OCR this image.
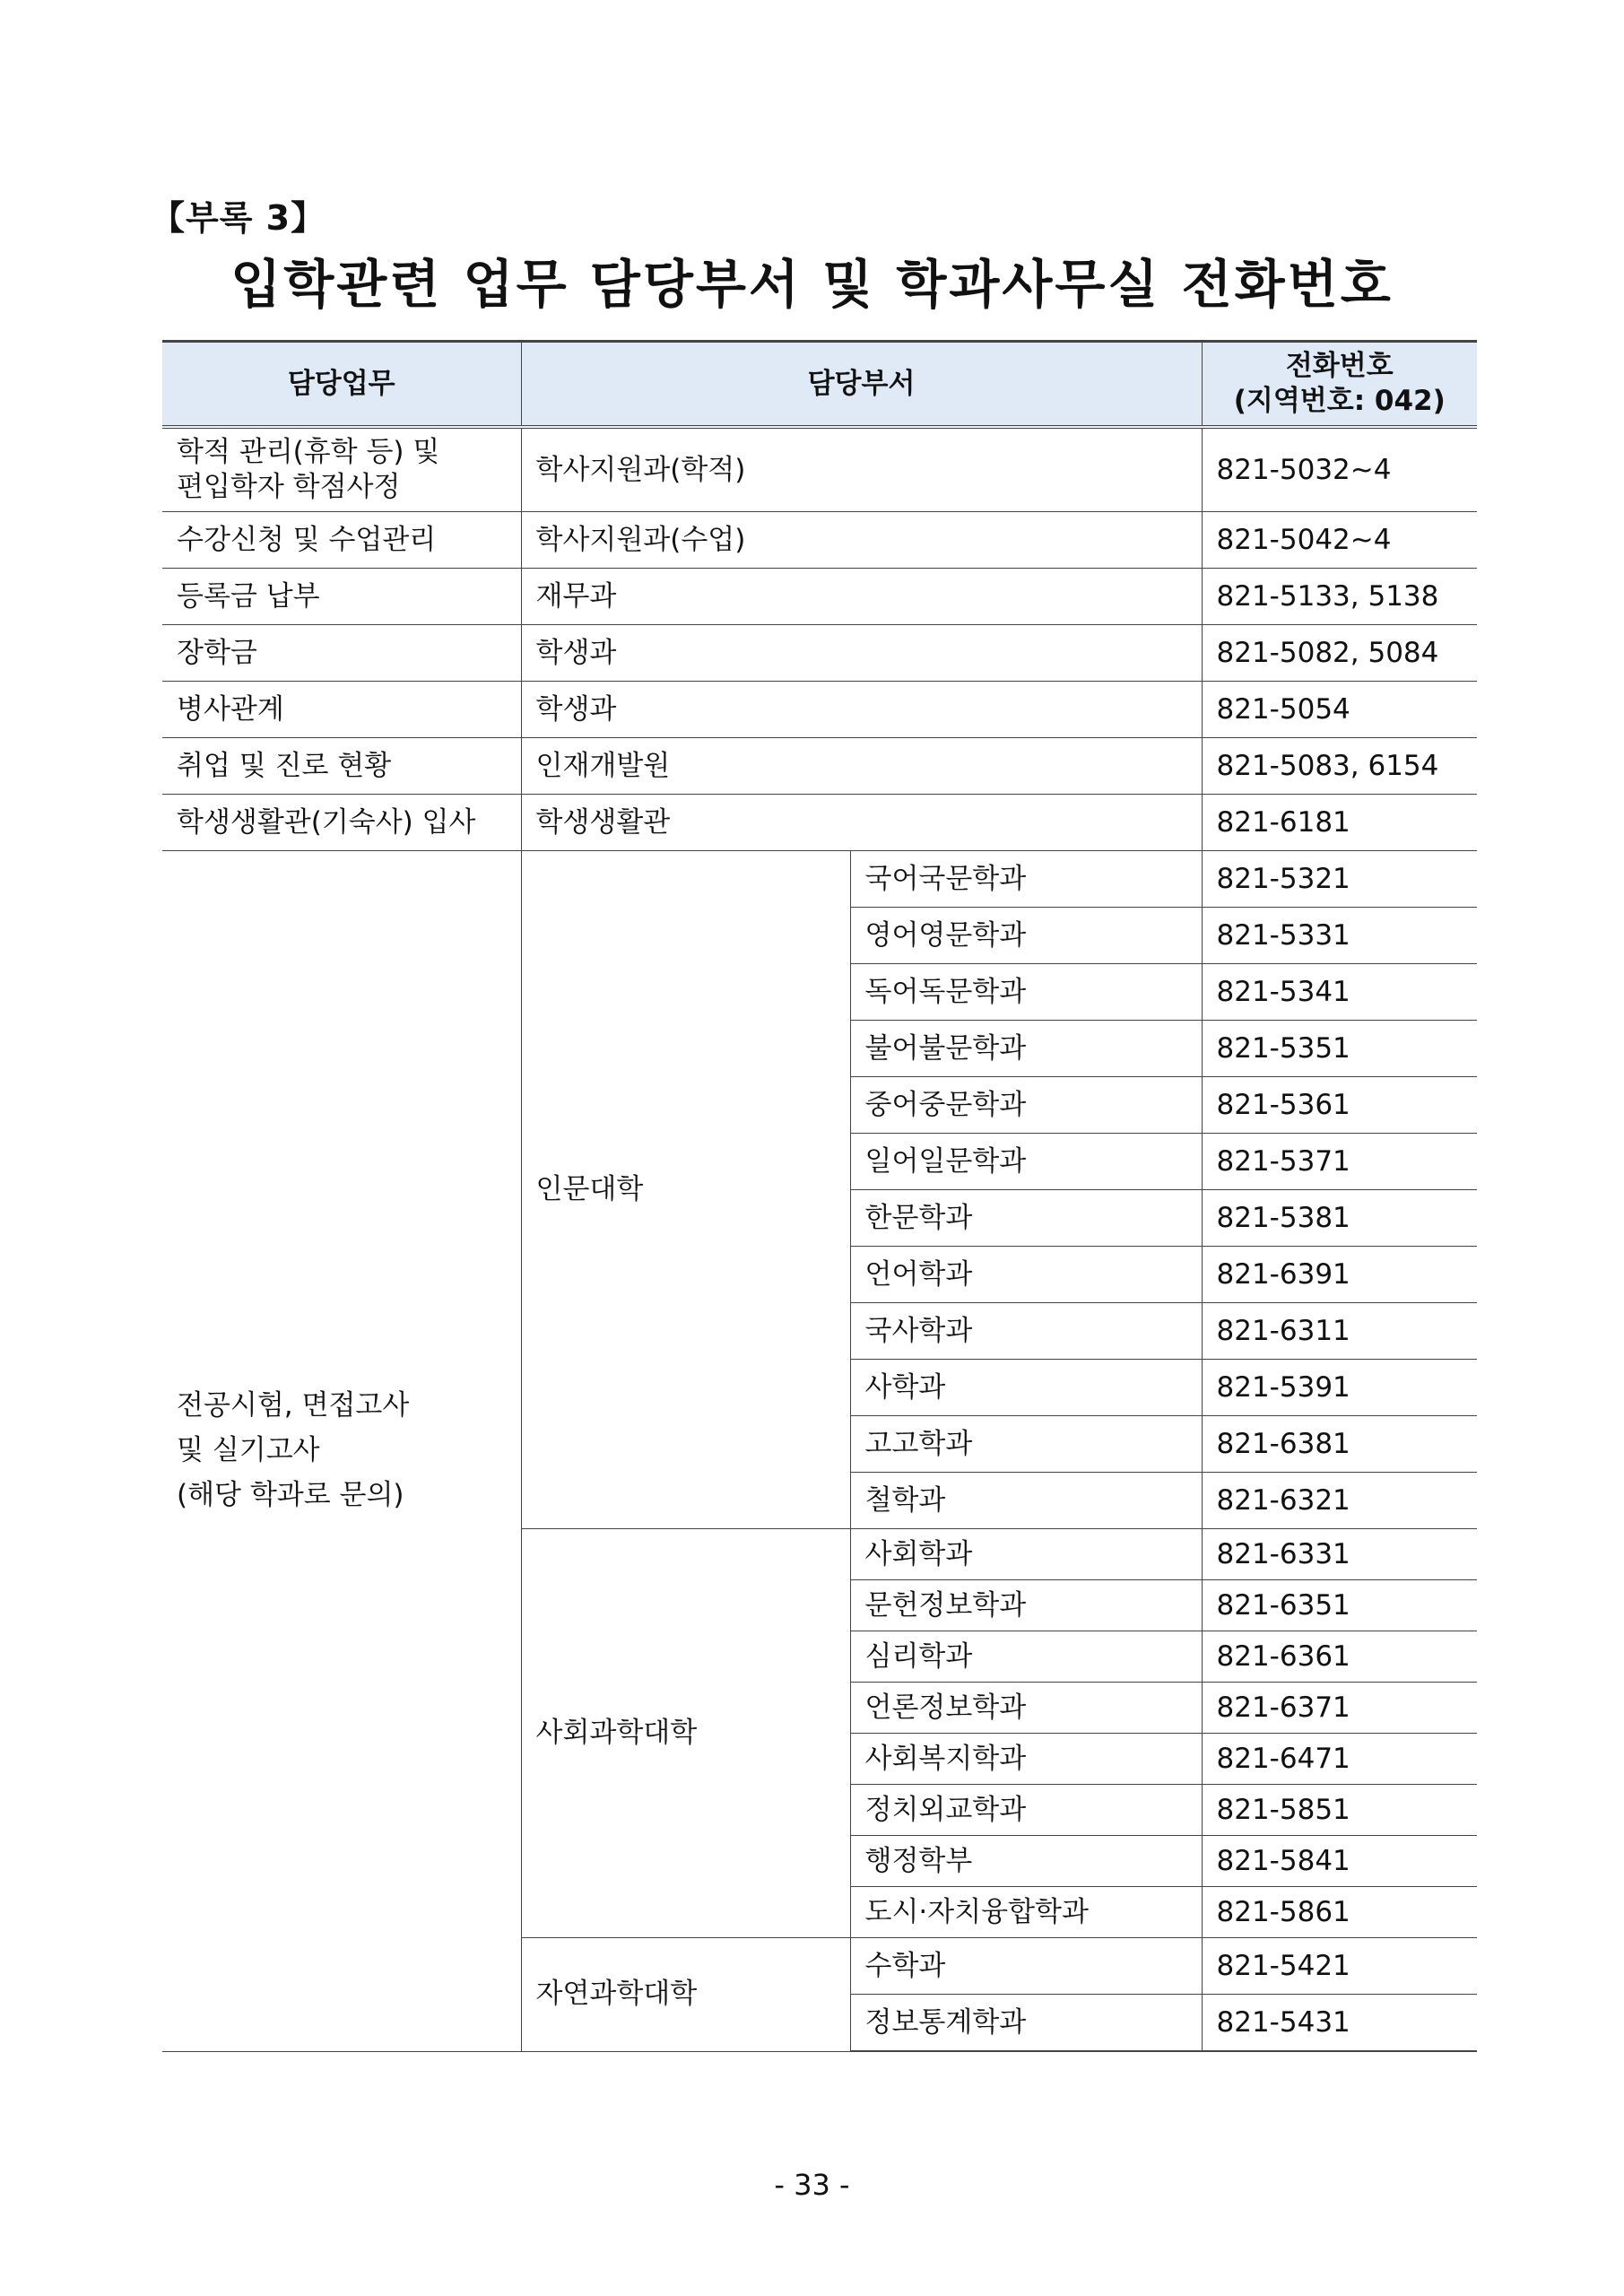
【부록 3】
입학관련 업무 담당부서 및 학과사무실 전화번호
담당업무	담당부서		전화번호
(지역번호: 042)

학적 관리(휴학 등) 및
편입학자 학점사정	학사지원과(학적)		821-5032~4
수강신청 및 수업관리	학사지원과(수업)		821-5042~4
등록금 납부	재무과		821-5133, 5138
장학금	학생과		821-5082, 5084
병사관계	학생과		821-5054
취업 및 진로 현황	인재개발원		821-5083, 6154
학생생활관(기숙사) 입사	학생생활관		821-6181

전공시험, 면접고사
및 실기고사
(해당 학과로 문의)	인문대학	국어국문학과	821-5321
		영어영문학과	821-5331
		독어독문학과	821-5341
		불어불문학과	821-5351
		중어중문학과	821-5361
		일어일문학과	821-5371
		한문학과	821-5381
		언어학과	821-6391
		국사학과	821-6311
		사학과	821-5391
		고고학과	821-6381
		철학과	821-6321
	사회과학대학	사회학과	821-6331
		문헌정보학과	821-6351
		심리학과	821-6361
		언론정보학과	821-6371
		사회복지학과	821-6471
		정치외교학과	821-5851
		행정학부	821-5841
		도시·자치융합학과	821-5861
	자연과학대학	수학과	821-5421
		정보통계학과	821-5431
- 33 -
